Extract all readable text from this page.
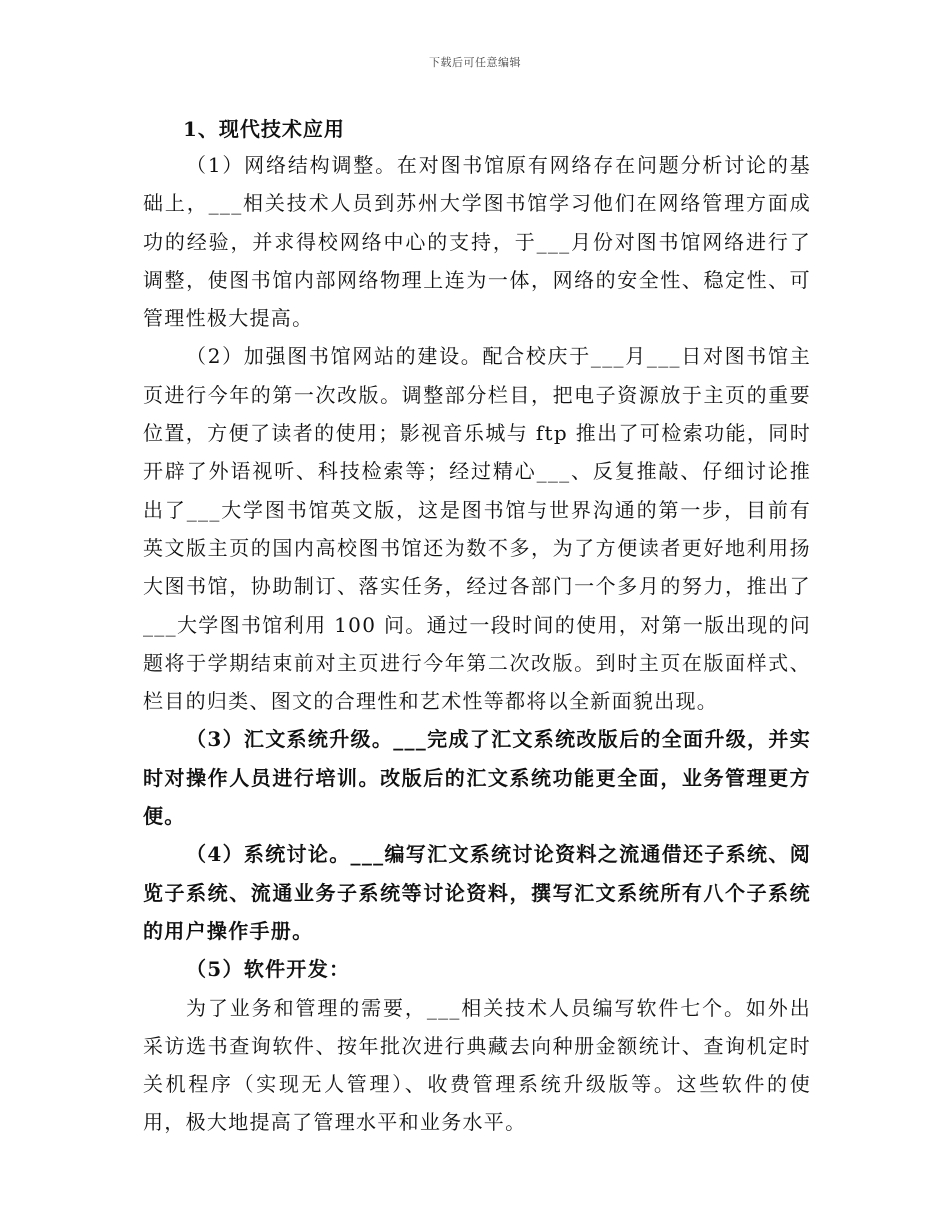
下载后可任意编辑
1、现代技术应用

（1）网络结构调整。在对图书馆原有网络存在问题分析讨论的基础上，___相关技术人员到苏州大学图书馆学习他们在网络管理方面成功的经验，并求得校网络中心的支持，于___月份对图书馆网络进行了调整，使图书馆内部网络物理上连为一体，网络的安全性、稳定性、可管理性极大提高。

（2）加强图书馆网站的建设。配合校庆于___月___日对图书馆主页进行今年的第一次改版。调整部分栏目，把电子资源放于主页的重要位置，方便了读者的使用；影视音乐城与 ftp 推出了可检索功能，同时开辟了外语视听、科技检索等；经过精心___、反复推敲、仔细讨论推出了___大学图书馆英文版，这是图书馆与世界沟通的第一步，目前有英文版主页的国内高校图书馆还为数不多，为了方便读者更好地利用扬大图书馆，协助制订、落实任务，经过各部门一个多月的努力，推出了___大学图书馆利用 100 问。通过一段时间的使用，对第一版出现的问题将于学期结束前对主页进行今年第二次改版。到时主页在版面样式、栏目的归类、图文的合理性和艺术性等都将以全新面貌出现。

（3）汇文系统升级。___完成了汇文系统改版后的全面升级，并实时对操作人员进行培训。改版后的汇文系统功能更全面，业务管理更方便。

（4）系统讨论。___编写汇文系统讨论资料之流通借还子系统、阅览子系统、流通业务子系统等讨论资料，撰写汇文系统所有八个子系统的用户操作手册。

（5）软件开发：

为了业务和管理的需要，___相关技术人员编写软件七个。如外出采访选书查询软件、按年批次进行典藏去向种册金额统计、查询机定时关机程序（实现无人管理）、收费管理系统升级版等。这些软件的使用，极大地提高了管理水平和业务水平。
